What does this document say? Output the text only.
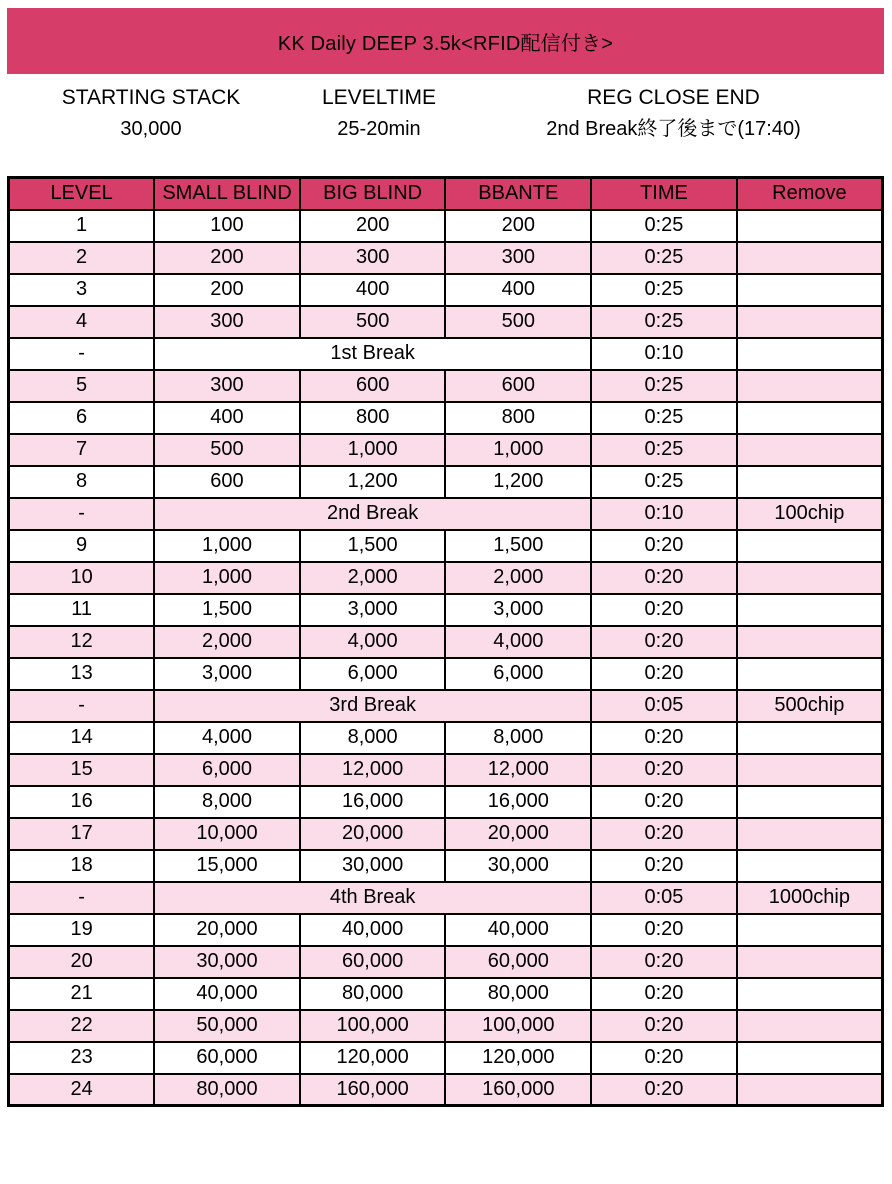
KK Daily DEEP 3.5k<RFID配信付き>
STARTING STACK
30,000
LEVELTIME
25-20min
REG CLOSE END
2nd Break終了後まで(17:40)
LEVEL	SMALL BLIND	BIG BLIND	BBANTE	TIME	Remove
1	100	200	200	0:25	
2	200	300	300	0:25	
3	200	400	400	0:25	
4	300	500	500	0:25	
-	1st Break			0:10	
5	300	600	600	0:25	
6	400	800	800	0:25	
7	500	1,000	1,000	0:25	
8	600	1,200	1,200	0:25	
-	2nd Break			0:10	100chip
9	1,000	1,500	1,500	0:20	
10	1,000	2,000	2,000	0:20	
11	1,500	3,000	3,000	0:20	
12	2,000	4,000	4,000	0:20	
13	3,000	6,000	6,000	0:20	
-	3rd Break			0:05	500chip
14	4,000	8,000	8,000	0:20	
15	6,000	12,000	12,000	0:20	
16	8,000	16,000	16,000	0:20	
17	10,000	20,000	20,000	0:20	
18	15,000	30,000	30,000	0:20	
-	4th Break			0:05	1000chip
19	20,000	40,000	40,000	0:20	
20	30,000	60,000	60,000	0:20	
21	40,000	80,000	80,000	0:20	
22	50,000	100,000	100,000	0:20	
23	60,000	120,000	120,000	0:20	
24	80,000	160,000	160,000	0:20	
